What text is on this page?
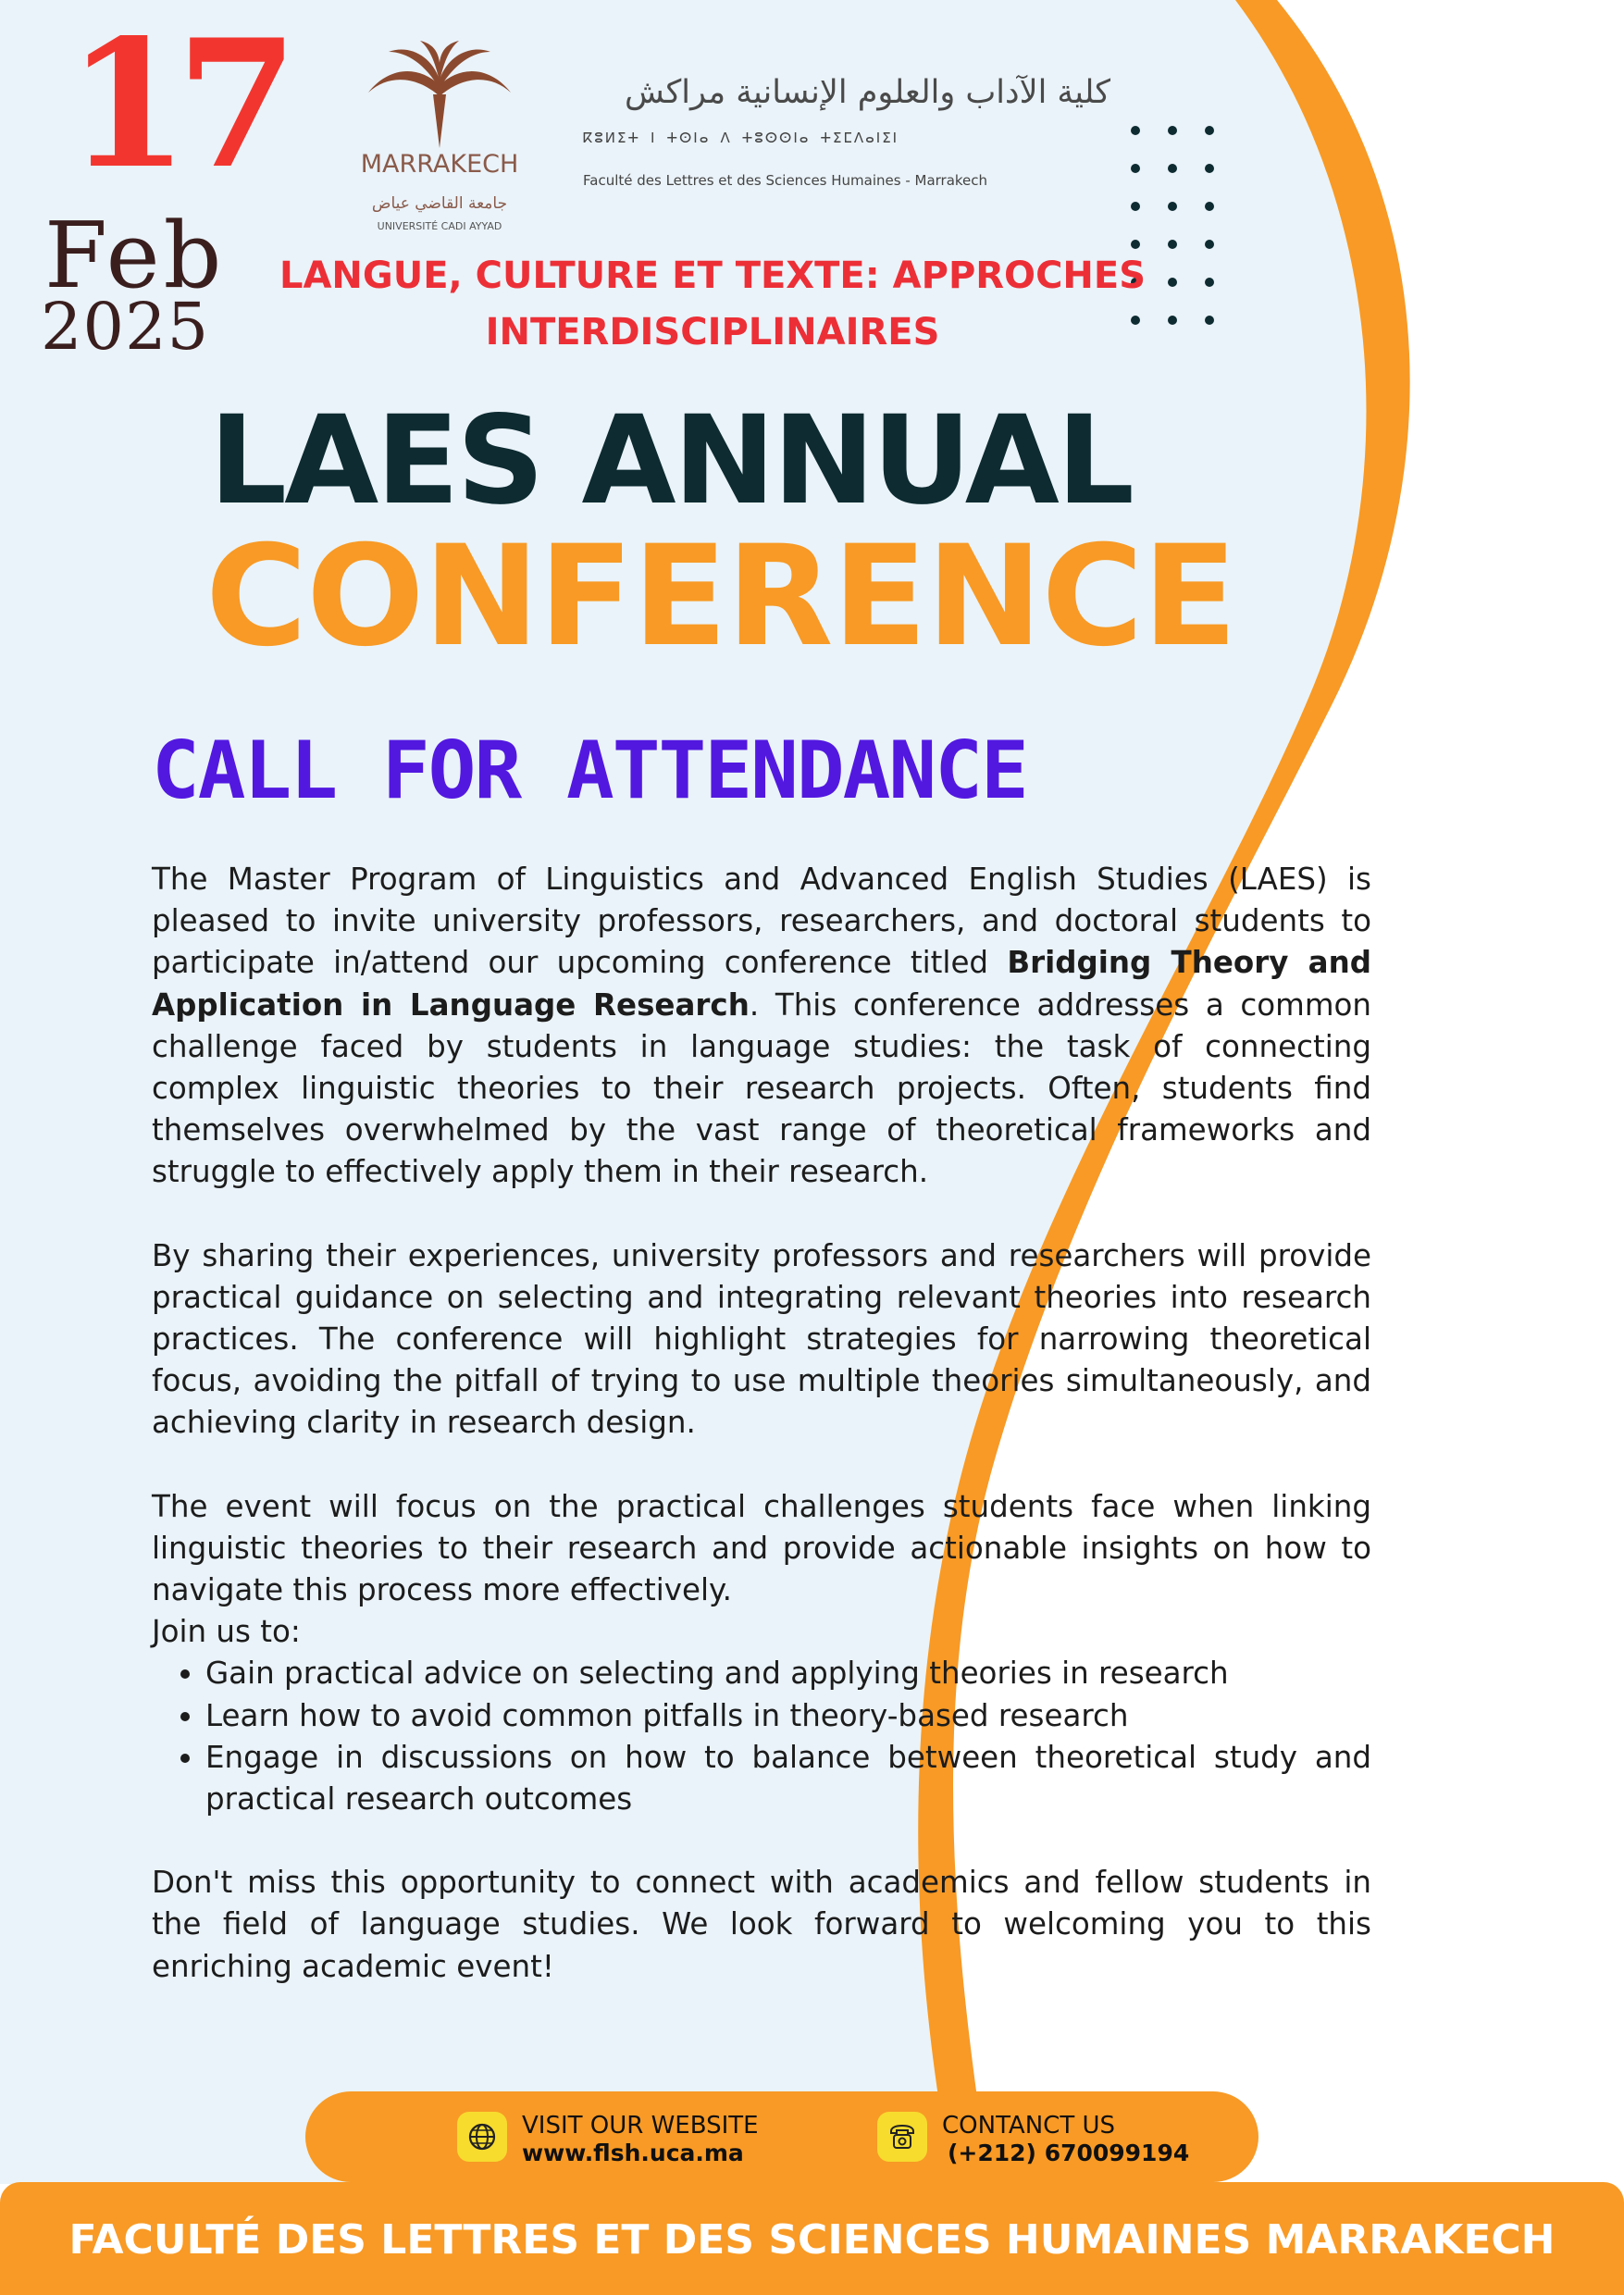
17
Feb
2025
MARRAKECH
جامعة القاضي عياض
UNIVERSITÉ CADI AYYAD
كلية الآداب والعلوم الإنسانية مراكش
ⴽⵓⵍⵉⵜ ⵏ ⵜⵙⵏⴰ ⴷ ⵜⵓⵙⵙⵏⴰ ⵜⵉⵎⴷⴰⵏⵉⵏ
Faculté des Lettres et des Sciences Humaines - Marrakech
LANGUE, CULTURE ET TEXTE: APPROCHES
INTERDISCIPLINAIRES
LAES ANNUAL
CONFERENCE
CALL FOR ATTENDANCE

The Master Program of Linguistics and Advanced English Studies (LAES) is pleased to invite university professors, researchers, and doctoral students to participate in/attend our upcoming conference titled Bridging Theory and Application in Language Research. This conference addresses a common challenge faced by students in language studies: the task of connecting complex linguistic theories to their research projects. Often, students find themselves overwhelmed by the vast range of theoretical frameworks and struggle to effectively apply them in their research.

By sharing their experiences, university professors and researchers will provide practical guidance on selecting and integrating relevant theories into research practices. The conference will highlight strategies for narrowing theoretical focus, avoiding the pitfall of trying to use multiple theories simultaneously, and achieving clarity in research design.

The event will focus on the practical challenges students face when linking linguistic theories to their research and provide actionable insights on how to navigate this process more effectively.

Join us to:

• Gain practical advice on selecting and applying theories in research
• Learn how to avoid common pitfalls in theory-based research
• Engage in discussions on how to balance between theoretical study and practical research outcomes

Don't miss this opportunity to connect with academics and fellow students in the field of language studies. We look forward to welcoming you to this enriching academic event!

VISIT OUR WEBSITE
www.flsh.uca.ma
CONTANCT US
(+212) 670099194
FACULTÉ DES LETTRES ET DES SCIENCES HUMAINES MARRAKECH
